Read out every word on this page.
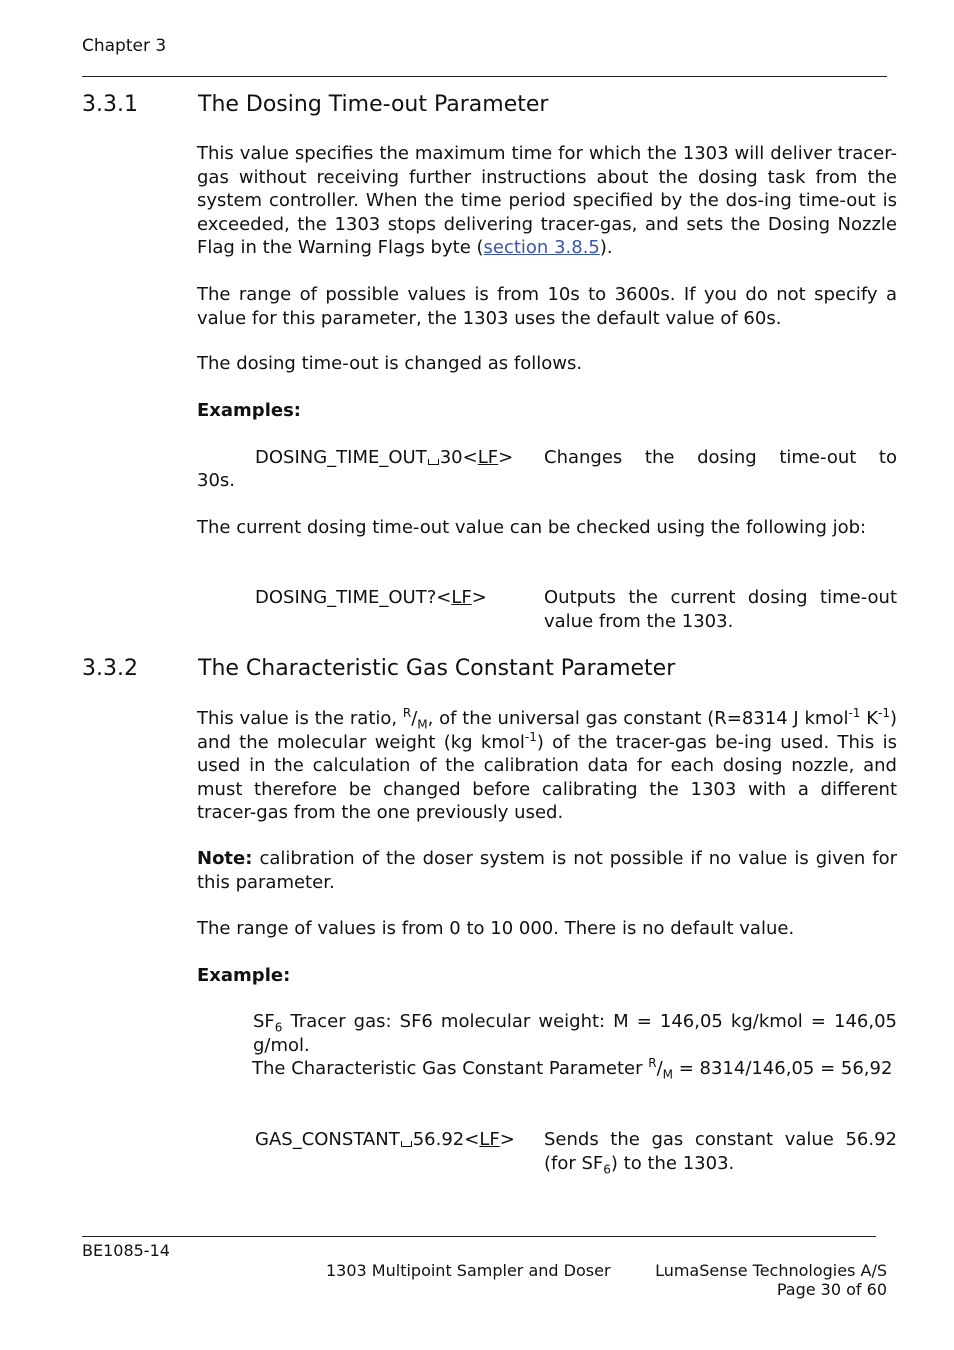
Chapter 3
3.3.1	The Dosing Time-out Parameter
This value specifies the maximum time for which the 1303 will deliver tracer-gas without receiving further instructions about the dosing task from the system controller. When the time period specified by the dos-ing time-out is exceeded, the 1303 stops delivering tracer-gas, and sets the Dosing Nozzle Flag in the Warning Flags byte (section 3.8.5).
The range of possible values is from 10s to 3600s. If you do not specify a value for this parameter, the 1303 uses the default value of 60s.
The dosing time-out is changed as follows.
Examples:
DOSING_TIME_OUT 30<LF> Changes the dosing time-out to
30s.
The current dosing time-out value can be checked using the following job:
DOSING_TIME_OUT?<LF>	Outputs the current dosing time-out value from the 1303.
3.3.2	The Characteristic Gas Constant Parameter
This value is the ratio, $^R/_M$, of the universal gas constant (R=8314 J kmol$^{-1}$ $K^{-1}$) and the molecular weight (kg kmol$^{-1}$) of the tracer-gas be-ing used. This is used in the calculation of the calibration data for each dosing nozzle, and must therefore be changed before calibrating the 1303 with a different tracer-gas from the one previously used.
Note: calibration of the doser system is not possible if no value is given for this parameter.
The range of values is from 0 to 10 000. There is no default value.
Example:
$SF_6$ Tracer gas: SF6 molecular weight: M = 146,05 kg/kmol = 146,05 g/mol.
The Characteristic Gas Constant Parameter $^R/_M = 8314/146,05 = 56,92$
GAS_CONSTANT 56.92<LF> Sends the gas constant value 56.92 (for $SF_6$) to the 1303.
BE1085-14
1303 Multipoint Sampler and Doser	LumaSense Technologies A/S
Page 30 of 60
